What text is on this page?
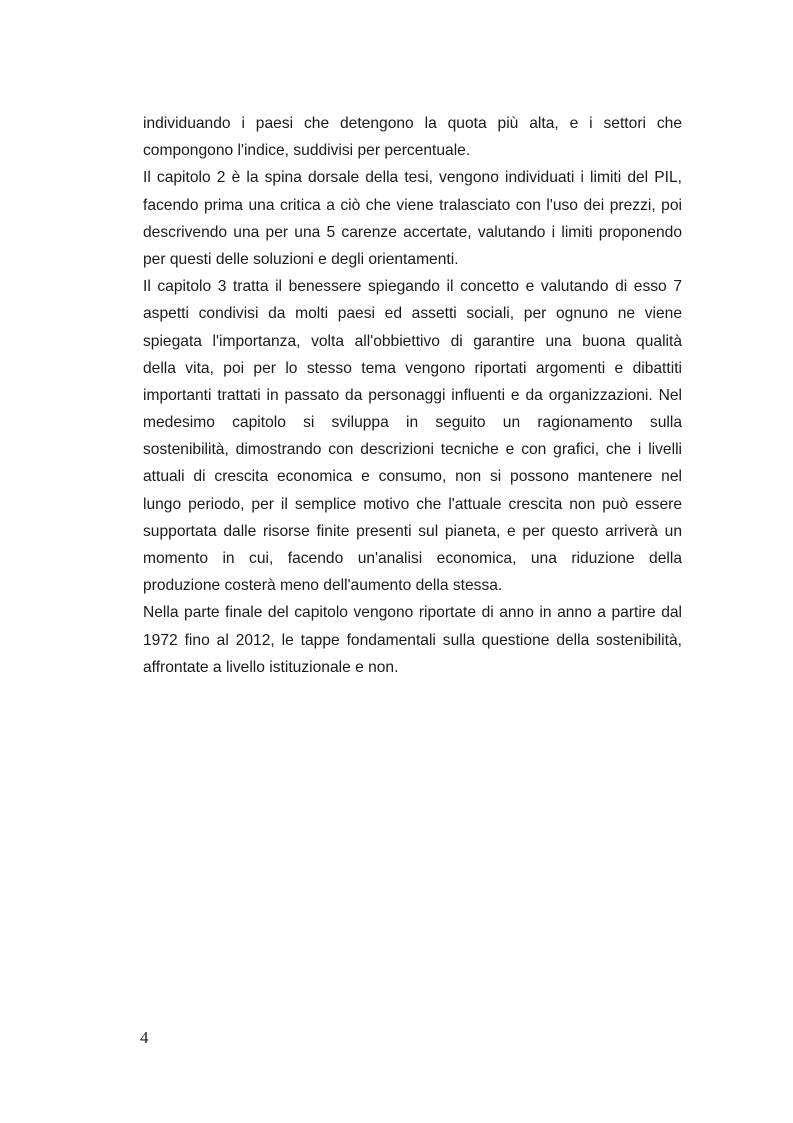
individuando i paesi che detengono la quota più alta, e i settori che
compongono l'indice, suddivisi per percentuale.

Il capitolo 2 è la spina dorsale della tesi, vengono individuati i limiti del PIL,
facendo prima una critica a ciò che viene tralasciato con l'uso dei prezzi, poi
descrivendo una per una 5 carenze accertate, valutando i limiti proponendo
per questi delle soluzioni e degli orientamenti.

Il capitolo 3 tratta il benessere spiegando il concetto e valutando di esso 7
aspetti condivisi da molti paesi ed assetti sociali, per ognuno ne viene
spiegata l'importanza, volta all'obbiettivo di garantire una buona qualità
della vita, poi per lo stesso tema vengono riportati argomenti e dibattiti
importanti trattati in passato da personaggi influenti e da organizzazioni. Nel
medesimo capitolo si sviluppa in seguito un ragionamento sulla
sostenibilità, dimostrando con descrizioni tecniche e con grafici, che i livelli
attuali di crescita economica e consumo, non si possono mantenere nel
lungo periodo, per il semplice motivo che l'attuale crescita non può essere
supportata dalle risorse finite presenti sul pianeta, e per questo arriverà un
momento in cui, facendo un'analisi economica, una riduzione della
produzione costerà meno dell'aumento della stessa.

Nella parte finale del capitolo vengono riportate di anno in anno a partire dal
1972 fino al 2012, le tappe fondamentali sulla questione della sostenibilità,
affrontate a livello istituzionale e non.

4
